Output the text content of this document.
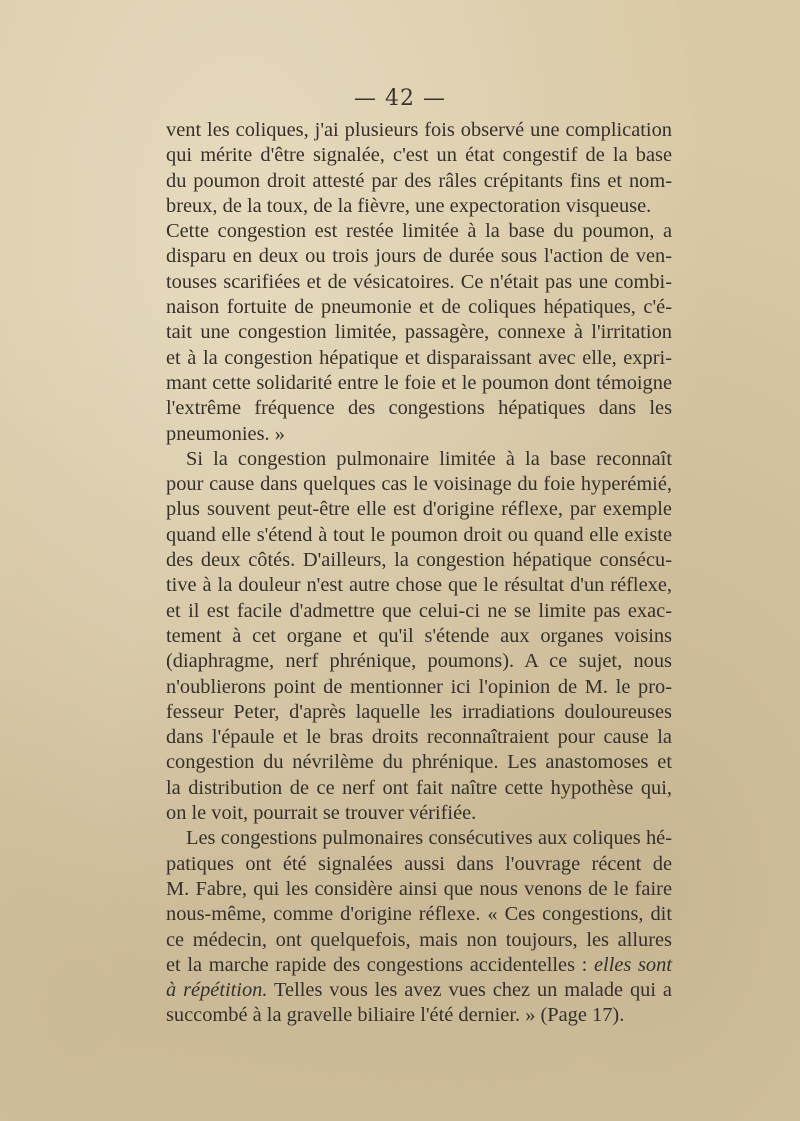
— 42 —
vent les coliques, j'ai plusieurs fois observé une complication
qui mérite d'être signalée, c'est un état congestif de la base
du poumon droit attesté par des râles crépitants fins et nom-
breux, de la toux, de la fièvre, une expectoration visqueuse.
Cette congestion est restée limitée à la base du poumon, a
disparu en deux ou trois jours de durée sous l'action de ven-
touses scarifiées et de vésicatoires. Ce n'était pas une combi-
naison fortuite de pneumonie et de coliques hépatiques, c'é-
tait une congestion limitée, passagère, connexe à l'irritation
et à la congestion hépatique et disparaissant avec elle, expri-
mant cette solidarité entre le foie et le poumon dont témoigne
l'extrême fréquence des congestions hépatiques dans les
pneumonies. »
Si la congestion pulmonaire limitée à la base reconnaît
pour cause dans quelques cas le voisinage du foie hyperémié,
plus souvent peut-être elle est d'origine réflexe, par exemple
quand elle s'étend à tout le poumon droit ou quand elle existe
des deux côtés. D'ailleurs, la congestion hépatique consécu-
tive à la douleur n'est autre chose que le résultat d'un réflexe,
et il est facile d'admettre que celui-ci ne se limite pas exac-
tement à cet organe et qu'il s'étende aux organes voisins
(diaphragme, nerf phrénique, poumons). A ce sujet, nous
n'oublierons point de mentionner ici l'opinion de M. le pro-
fesseur Peter, d'après laquelle les irradiations douloureuses
dans l'épaule et le bras droits reconnaîtraient pour cause la
congestion du névrilème du phrénique. Les anastomoses et
la distribution de ce nerf ont fait naître cette hypothèse qui,
on le voit, pourrait se trouver vérifiée.
Les congestions pulmonaires consécutives aux coliques hé-
patiques ont été signalées aussi dans l'ouvrage récent de
M. Fabre, qui les considère ainsi que nous venons de le faire
nous-même, comme d'origine réflexe. « Ces congestions, dit
ce médecin, ont quelquefois, mais non toujours, les allures
et la marche rapide des congestions accidentelles : elles sont
à répétition. Telles vous les avez vues chez un malade qui a
succombé à la gravelle biliaire l'été dernier. » (Page 17).
